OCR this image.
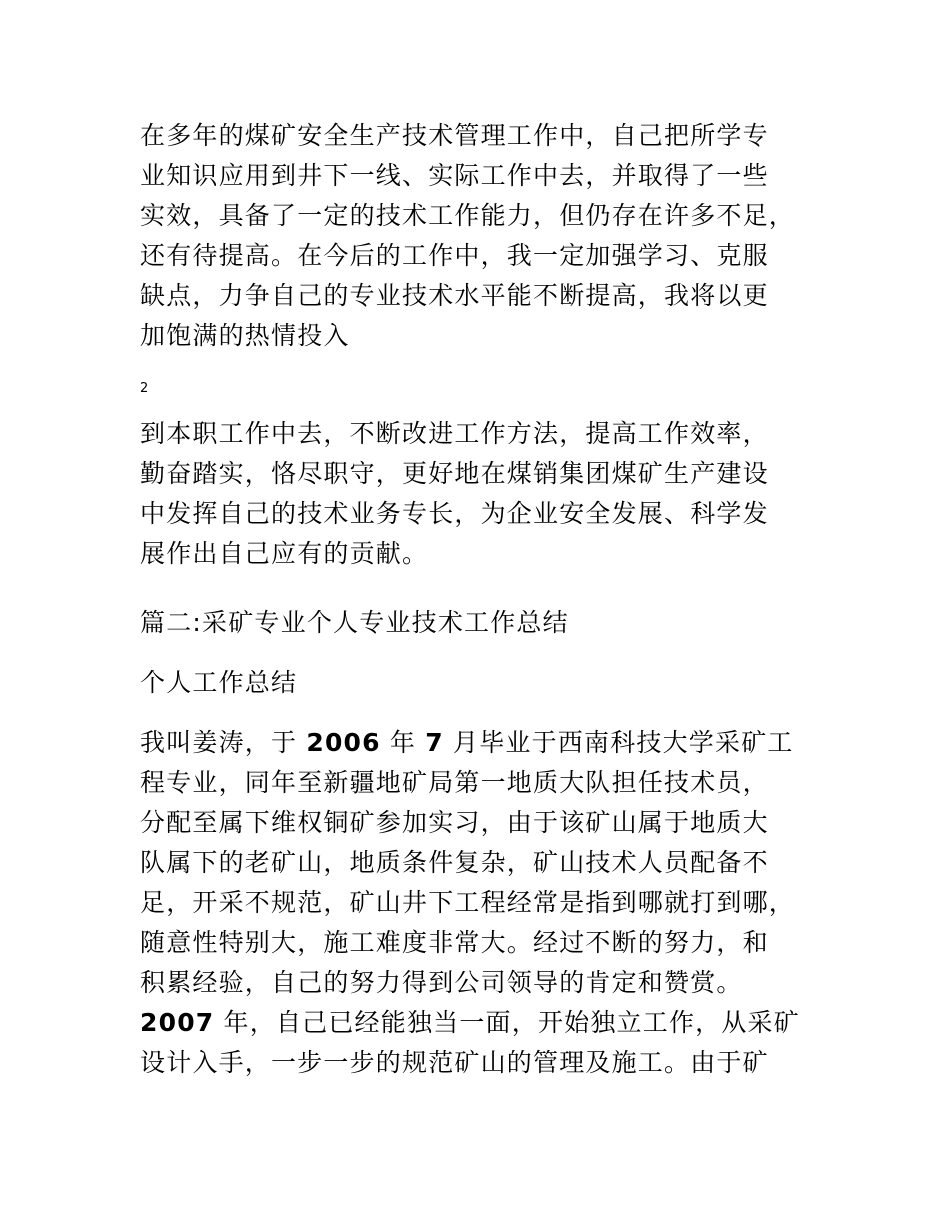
在多年的煤矿安全生产技术管理工作中，自己把所学专
业知识应用到井下一线、实际工作中去，并取得了一些
实效，具备了一定的技术工作能力，但仍存在许多不足，
还有待提高。在今后的工作中，我一定加强学习、克服
缺点，力争自己的专业技术水平能不断提高，我将以更
加饱满的热情投入
2
到本职工作中去，不断改进工作方法，提高工作效率，
勤奋踏实，恪尽职守，更好地在煤销集团煤矿生产建设
中发挥自己的技术业务专长，为企业安全发展、科学发
展作出自己应有的贡献。
篇二:采矿专业个人专业技术工作总结
个人工作总结
我叫姜涛，于 2006 年 7 月毕业于西南科技大学采矿工
程专业，同年至新疆地矿局第一地质大队担任技术员，
分配至属下维权铜矿参加实习，由于该矿山属于地质大
队属下的老矿山，地质条件复杂，矿山技术人员配备不
足，开采不规范，矿山井下工程经常是指到哪就打到哪，
随意性特别大，施工难度非常大。经过不断的努力，和
积累经验，自己的努力得到公司领导的肯定和赞赏。
2007 年，自己已经能独当一面，开始独立工作，从采矿
设计入手，一步一步的规范矿山的管理及施工。由于矿
